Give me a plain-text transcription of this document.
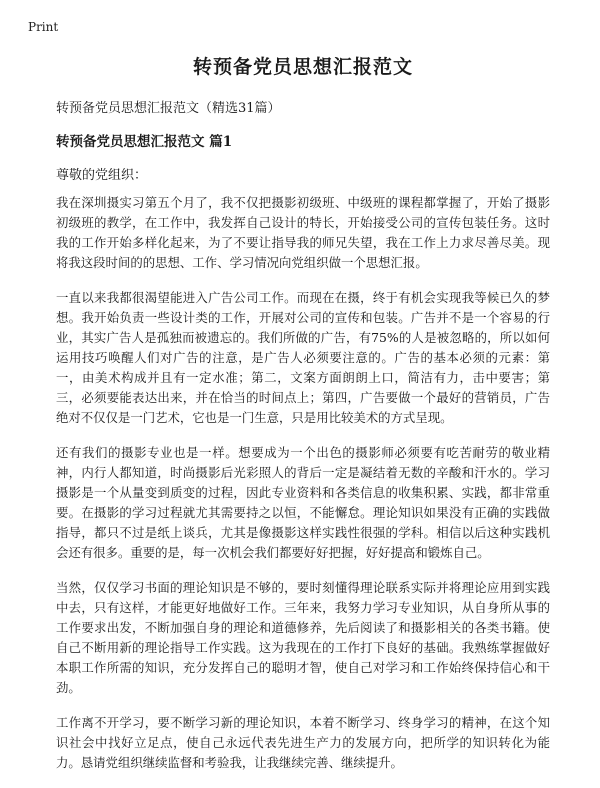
Print
转预备党员思想汇报范文

转预备党员思想汇报范文（精选31篇）

转预备党员思想汇报范文 篇1

尊敬的党组织：

我在深圳摄实习第五个月了，我不仅把摄影初级班、中级班的课程都掌握了，开始了摄影初级班的教学，在工作中，我发挥自己设计的特长，开始接受公司的宣传包装任务。这时我的工作开始多样化起来，为了不要让指导我的师兄失望，我在工作上力求尽善尽美。现将我这段时间的的思想、工作、学习情况向党组织做一个思想汇报。

一直以来我都很渴望能进入广告公司工作。而现在在摄，终于有机会实现我等候已久的梦想。我开始负责一些设计类的工作，开展对公司的宣传和包装。广告并不是一个容易的行业，其实广告人是孤独而被遗忘的。我们所做的广告，有75%的人是被忽略的，所以如何运用技巧唤醒人们对广告的注意，是广告人必须要注意的。广告的基本必须的元素：第一，由美术构成并且有一定水准；第二，文案方面朗朗上口，简洁有力，击中要害；第三，必须要能表达出来，并在恰当的时间点上；第四，广告要做一个最好的营销员，广告绝对不仅仅是一门艺术，它也是一门生意，只是用比较美术的方式呈现。

还有我们的摄影专业也是一样。想要成为一个出色的摄影师必须要有吃苦耐劳的敬业精神，内行人都知道，时尚摄影后光彩照人的背后一定是凝结着无数的辛酸和汗水的。学习摄影是一个从量变到质变的过程，因此专业资料和各类信息的收集积累、实践，都非常重要。在摄影的学习过程就尤其需要持之以恒，不能懈怠。理论知识如果没有正确的实践做指导，都只不过是纸上谈兵，尤其是像摄影这样实践性很强的学科。相信以后这种实践机会还有很多。重要的是，每一次机会我们都要好好把握，好好提高和锻炼自己。

当然，仅仅学习书面的理论知识是不够的，要时刻懂得理论联系实际并将理论应用到实践中去，只有这样，才能更好地做好工作。三年来，我努力学习专业知识，从自身所从事的工作要求出发，不断加强自身的理论和道德修养，先后阅读了和摄影相关的各类书籍。使自己不断用新的理论指导工作实践。这为我现在的工作打下良好的基础。我熟练掌握做好本职工作所需的知识，充分发挥自己的聪明才智，使自己对学习和工作始终保持信心和干劲。

工作离不开学习，要不断学习新的理论知识，本着不断学习、终身学习的精神，在这个知识社会中找好立足点，使自己永远代表先进生产力的发展方向，把所学的知识转化为能力。恳请党组织继续监督和考验我，让我继续完善、继续提升。
